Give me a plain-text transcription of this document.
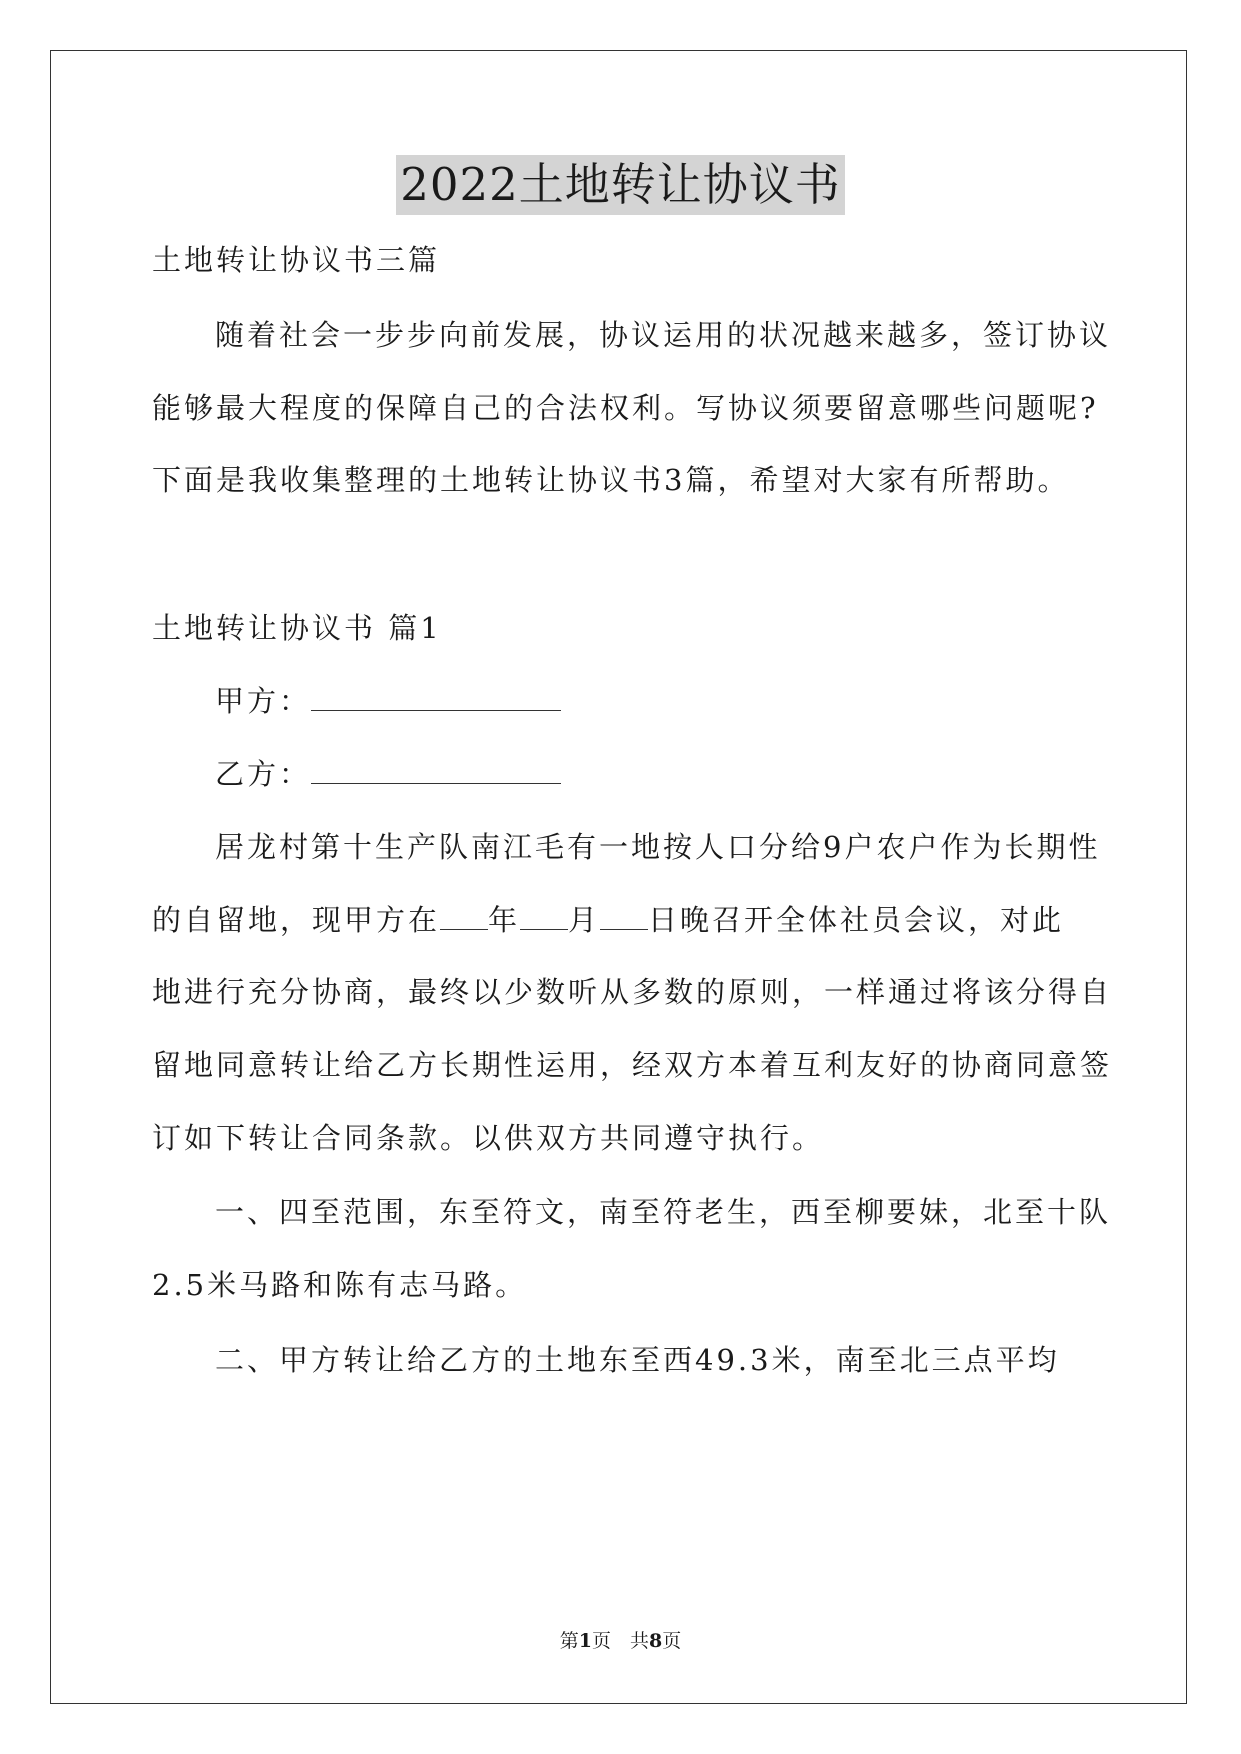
2022土地转让协议书
土地转让协议书三篇
随着社会一步步向前发展，协议运用的状况越来越多，签订协议
能够最大程度的保障自己的合法权利。写协议须要留意哪些问题呢?
下面是我收集整理的土地转让协议书3篇，希望对大家有所帮助。
土地转让协议书 篇1
甲方：
乙方：
居龙村第十生产队南江毛有一地按人口分给9户农户作为长期性
的自留地，现甲方在 年 月 日晚召开全体社员会议，对此
地进行充分协商，最终以少数听从多数的原则，一样通过将该分得自
留地同意转让给乙方长期性运用，经双方本着互利友好的协商同意签
订如下转让合同条款。以供双方共同遵守执行。
一、四至范围，东至符文，南至符老生，西至柳要妹，北至十队
2.5米马路和陈有志马路。
二、甲方转让给乙方的土地东至西49.3米，南至北三点平均
第1页　共8页
